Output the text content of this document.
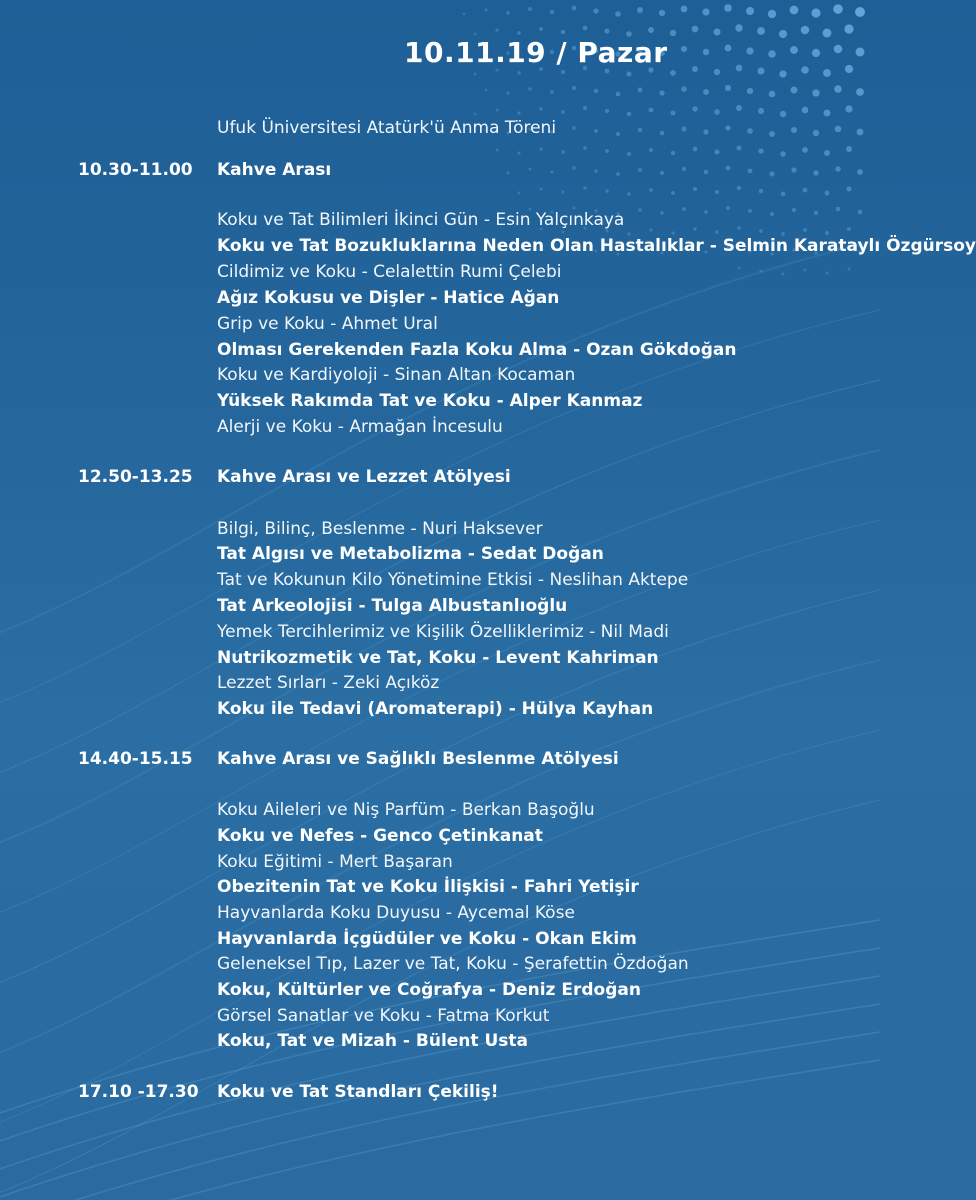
10.11.19 / Pazar
Ufuk Üniversitesi Atatürk'ü Anma Töreni
10.30-11.00 Kahve Arası
Koku ve Tat Bilimleri İkinci Gün - Esin Yalçınkaya
Koku ve Tat Bozukluklarına Neden Olan Hastalıklar - Selmin Karataylı Özgürsoy
Cildimiz ve Koku - Celalettin Rumi Çelebi
Ağız Kokusu ve Dişler - Hatice Ağan
Grip ve Koku - Ahmet Ural
Olması Gerekenden Fazla Koku Alma - Ozan Gökdoğan
Koku ve Kardiyoloji - Sinan Altan Kocaman
Yüksek Rakımda Tat ve Koku - Alper Kanmaz
Alerji ve Koku - Armağan İncesulu
12.50-13.25 Kahve Arası ve Lezzet Atölyesi
Bilgi, Bilinç, Beslenme - Nuri Haksever
Tat Algısı ve Metabolizma - Sedat Doğan
Tat ve Kokunun Kilo Yönetimine Etkisi - Neslihan Aktepe
Tat Arkeolojisi - Tulga Albustanlıoğlu
Yemek Tercihlerimiz ve Kişilik Özelliklerimiz - Nil Madi
Nutrikozmetik ve Tat, Koku - Levent Kahriman
Lezzet Sırları - Zeki Açıköz
Koku ile Tedavi (Aromaterapi) - Hülya Kayhan
14.40-15.15 Kahve Arası ve Sağlıklı Beslenme Atölyesi
Koku Aileleri ve Niş Parfüm - Berkan Başoğlu
Koku ve Nefes - Genco Çetinkanat
Koku Eğitimi - Mert Başaran
Obezitenin Tat ve Koku İlişkisi - Fahri Yetişir
Hayvanlarda Koku Duyusu - Aycemal Köse
Hayvanlarda İçgüdüler ve Koku - Okan Ekim
Geleneksel Tıp, Lazer ve Tat, Koku - Şerafettin Özdoğan
Koku, Kültürler ve Coğrafya - Deniz Erdoğan
Görsel Sanatlar ve Koku - Fatma Korkut
Koku, Tat ve Mizah - Bülent Usta
17.10 -17.30 Koku ve Tat Standları Çekiliş!
